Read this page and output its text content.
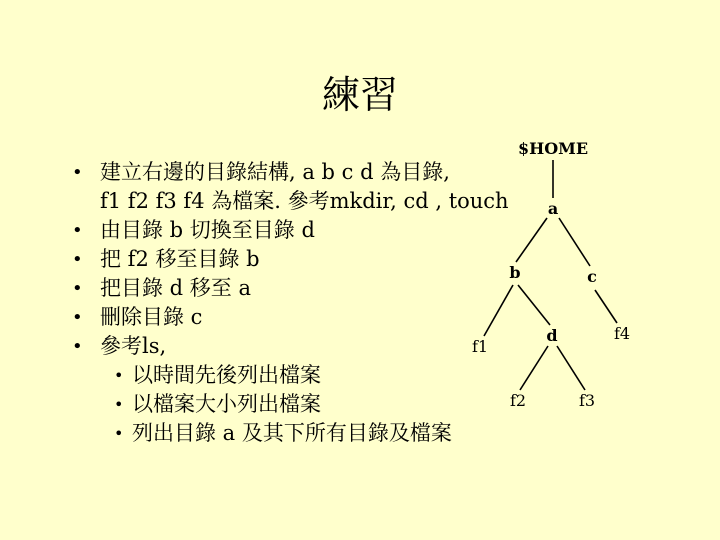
練習
• 建立右邊的目錄結構, a b c d 為目錄,
f1 f2 f3 f4 為檔案. 參考mkdir, cd , touch
• 由目錄 b 切換至目錄 d
• 把 f2 移至目錄 b
• 把目錄 d 移至 a
• 刪除目錄 c
• 參考ls,
• 以時間先後列出檔案
• 以檔案大小列出檔案
• 列出目錄 a 及其下所有目錄及檔案
$HOME
a
b	c
f1
d	f4
f2	f3
